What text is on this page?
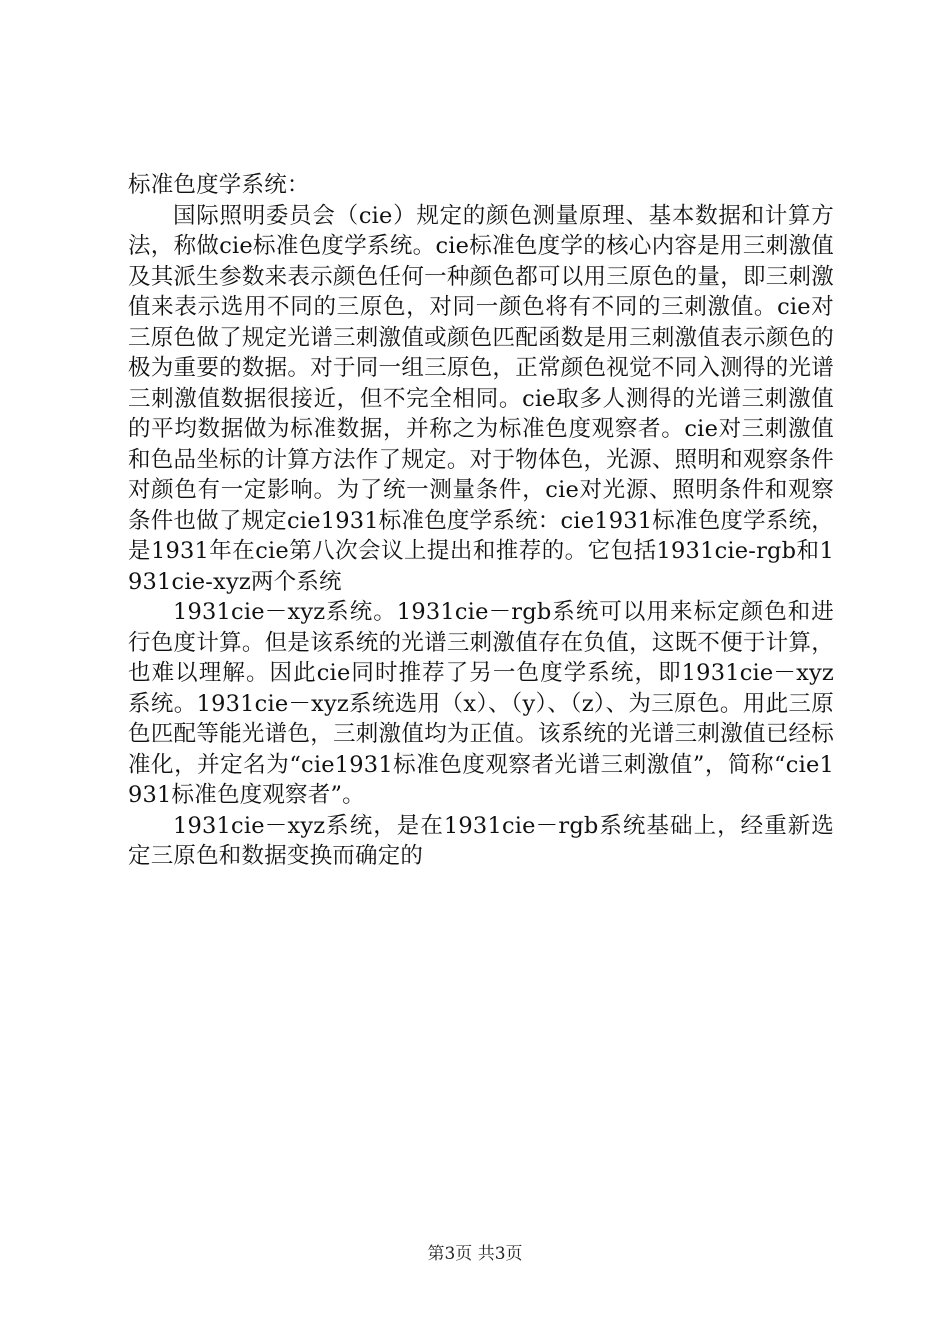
标准色度学系统：

国际照明委员会（cie）规定的颜色测量原理、基本数据和计算方法，称做cie标准色度学系统。cie标准色度学的核心内容是用三刺激值及其派生参数来表示颜色任何一种颜色都可以用三原色的量，即三刺激值来表示选用不同的三原色，对同一颜色将有不同的三刺激值。cie对三原色做了规定光谱三刺激值或颜色匹配函数是用三刺激值表示颜色的极为重要的数据。对于同一组三原色，正常颜色视觉不同入测得的光谱三刺激值数据很接近，但不完全相同。cie取多人测得的光谱三刺激值的平均数据做为标准数据，并称之为标准色度观察者。cie对三刺激值和色品坐标的计算方法作了规定。对于物体色，光源、照明和观察条件对颜色有一定影响。为了统一测量条件，cie对光源、照明条件和观察条件也做了规定cie1931标准色度学系统：cie1931标准色度学系统，是1931年在cie第八次会议上提出和推荐的。它包括1931cie-rgb和1931cie-xyz两个系统

1931cie－xyz系统。1931cie－rgb系统可以用来标定颜色和进行色度计算。但是该系统的光谱三刺激值存在负值，这既不便于计算，也难以理解。因此cie同时推荐了另一色度学系统，即1931cie－xyz系统。1931cie－xyz系统选用（x）、（y）、（z）、为三原色。用此三原色匹配等能光谱色，三刺激值均为正值。该系统的光谱三刺激值已经标准化，并定名为“cie1931标准色度观察者光谱三刺激值”，简称“cie1931标准色度观察者”。

1931cie－xyz系统，是在1931cie－rgb系统基础上，经重新选定三原色和数据变换而确定的

第3页 共3页
